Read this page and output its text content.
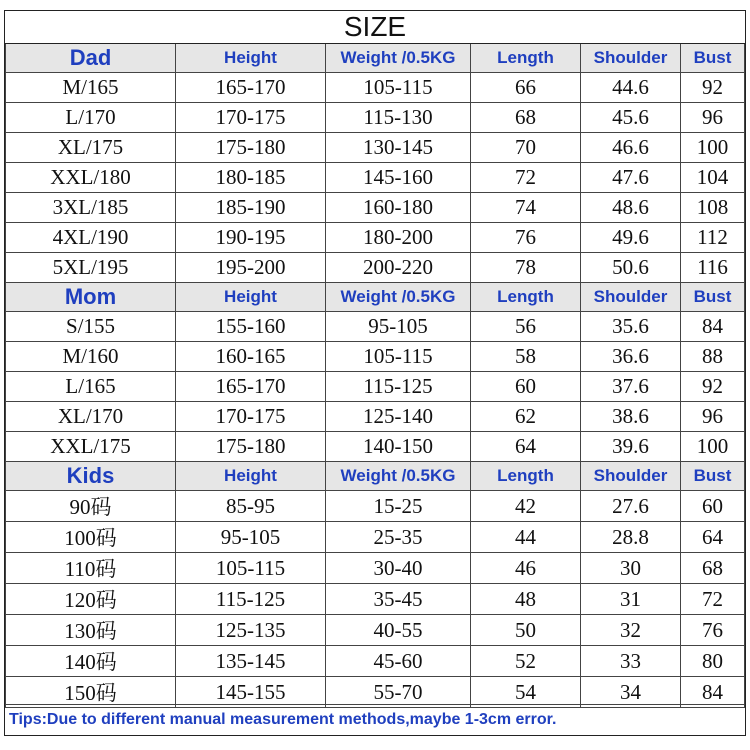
SIZE
Dad	Height	Weight /0.5KG	Length	Shoulder	Bust
M/165	165-170	105-115	66	44.6	92
L/170	170-175	115-130	68	45.6	96
XL/175	175-180	130-145	70	46.6	100
XXL/180	180-185	145-160	72	47.6	104
3XL/185	185-190	160-180	74	48.6	108
4XL/190	190-195	180-200	76	49.6	112
5XL/195	195-200	200-220	78	50.6	116
Mom	Height	Weight /0.5KG	Length	Shoulder	Bust
S/155	155-160	95-105	56	35.6	84
M/160	160-165	105-115	58	36.6	88
L/165	165-170	115-125	60	37.6	92
XL/170	170-175	125-140	62	38.6	96
XXL/175	175-180	140-150	64	39.6	100
Kids	Height	Weight /0.5KG	Length	Shoulder	Bust
90码	85-95	15-25	42	27.6	60
100码	95-105	25-35	44	28.8	64
110码	105-115	30-40	46	30	68
120码	115-125	35-45	48	31	72
130码	125-135	40-55	50	32	76
140码	135-145	45-60	52	33	80
150码	145-155	55-70	54	34	84
Tips:Due to different manual measurement methods,maybe 1-3cm error.
